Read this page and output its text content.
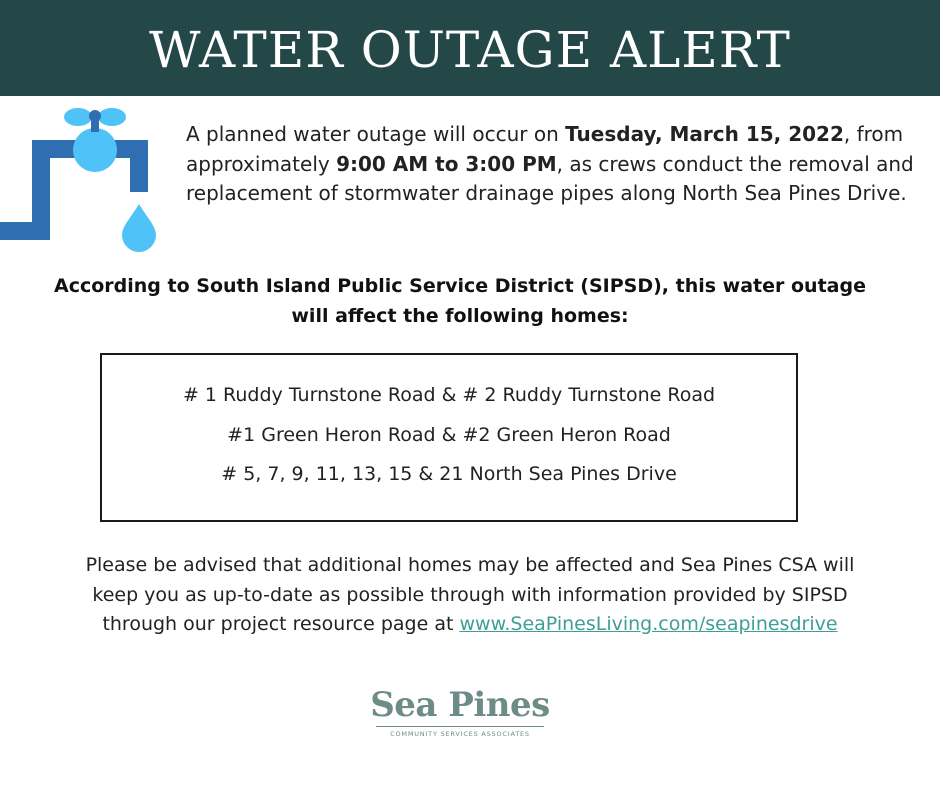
WATER OUTAGE ALERT
A planned water outage will occur on Tuesday, March 15, 2022, from approximately 9:00 AM to 3:00 PM, as crews conduct the removal and replacement of stormwater drainage pipes along North Sea Pines Drive.
According to South Island Public Service District (SIPSD), this water outage
will affect the following homes:
# 1 Ruddy Turnstone Road & # 2 Ruddy Turnstone Road
#1 Green Heron Road & #2 Green Heron Road
# 5, 7, 9, 11, 13, 15 & 21 North Sea Pines Drive
Please be advised that additional homes may be affected and Sea Pines CSA will
keep you as up-to-date as possible through with information provided by SIPSD
through our project resource page at www.SeaPinesLiving.com/seapinesdrive
Sea Pines
COMMUNITY SERVICES ASSOCIATES
